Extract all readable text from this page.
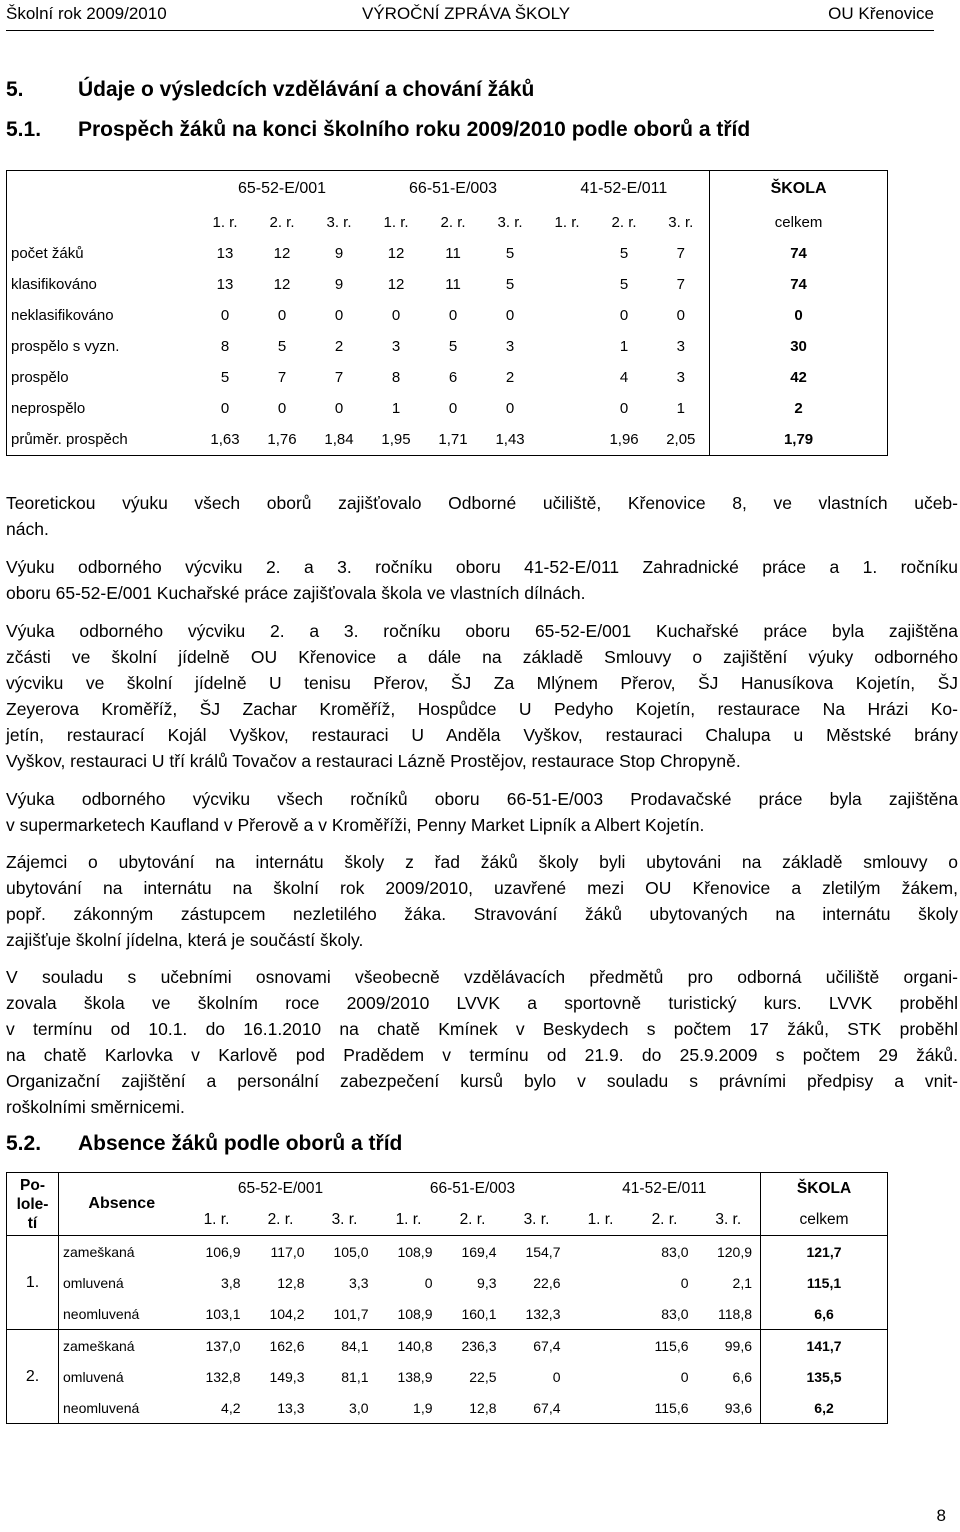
Školní rok 2009/2010	VÝROČNÍ ZPRÁVA ŠKOLY	OU Křenovice
5.	Údaje o výsledcích vzdělávání a chování žáků
5.1. Prospěch žáků na konci školního roku 2009/2010 podle oborů a tříd
	65-52-E/001			66-51-E/003			41-52-E/011			ŠKOLA
	1. r.	2. r.	3. r.	1. r.	2. r.	3. r.	1. r.	2. r.	3. r.	celkem
počet žáků	13	12	9	12	11	5		5	7	74
klasifikováno	13	12	9	12	11	5		5	7	74
neklasifikováno	0	0	0	0	0	0		0	0	0
prospělo s vyzn.	8	5	2	3	5	3		1	3	30
prospělo	5	7	7	8	6	2		4	3	42
neprospělo	0	0	0	1	0	0		0	1	2
průměr. prospěch	1,63	1,76	1,84	1,95	1,71	1,43		1,96	2,05	1,79
Teoretickou výuku všech oborů zajišťovalo Odborné učiliště, Křenovice 8, ve vlastních učeb-
nách.
Výuku odborného výcviku 2. a 3. ročníku oboru 41-52-E/011 Zahradnické práce a 1. ročníku
oboru 65-52-E/001 Kuchařské práce zajišťovala škola ve vlastních dílnách.
Výuka odborného výcviku 2. a 3. ročníku oboru 65-52-E/001 Kuchařské práce byla zajištěna
zčásti ve školní jídelně OU Křenovice a dále na základě Smlouvy o zajištění výuky odborného
výcviku ve školní jídelně U tenisu Přerov, ŠJ Za Mlýnem Přerov, ŠJ Hanusíkova Kojetín, ŠJ
Zeyerova Kroměříž, ŠJ Zachar Kroměříž, Hospůdce U Pedyho Kojetín, restaurace Na Hrázi Ko-
jetín, restaurací Kojál Vyškov, restauraci U Anděla Vyškov, restauraci Chalupa u Městské brány
Vyškov, restauraci U tří králů Tovačov a restauraci Lázně Prostějov, restaurace Stop Chropyně.
Výuka odborného výcviku všech ročníků oboru 66-51-E/003 Prodavačské práce byla zajištěna
v supermarketech Kaufland v Přerově a v Kroměříži, Penny Market Lipník a Albert Kojetín.
Zájemci o ubytování na internátu školy z řad žáků školy byli ubytováni na základě smlouvy o
ubytování na internátu na školní rok 2009/2010, uzavřené mezi OU Křenovice a zletilým žákem,
popř. zákonným zástupcem nezletilého žáka. Stravování žáků ubytovaných na internátu školy
zajišťuje školní jídelna, která je součástí školy.
V souladu s učebními osnovami všeobecně vzdělávacích předmětů pro odborná učiliště organi-
zovala škola ve školním roce 2009/2010 LVVK a sportovně turistický kurs. LVVK proběhl
v termínu od 10.1. do 16.1.2010 na chatě Kmínek v Beskydech s počtem 17 žáků, STK proběhl
na chatě Karlovka v Karlově pod Pradědem v termínu od 21.9. do 25.9.2009 s počtem 29 žáků.
Organizační zajištění a personální zabezpečení kursů bylo v souladu s právními předpisy a vnit-
roškolními směrnicemi.
5.2. Absence žáků podle oborů a tříd
Po-
lole-
tí	Absence	65-52-E/001			66-51-E/003			41-52-E/011			ŠKOLA
		1. r.	2. r.	3. r.	1. r.	2. r.	3. r.	1. r.	2. r.	3. r.	celkem
1.	zameškaná	106,9	117,0	105,0	108,9	169,4	154,7		83,0	120,9	121,7
	omluvená	3,8	12,8	3,3	0	9,3	22,6		0	2,1	115,1
	neomluvená	103,1	104,2	101,7	108,9	160,1	132,3		83,0	118,8	6,6
2.	zameškaná	137,0	162,6	84,1	140,8	236,3	67,4		115,6	99,6	141,7
	omluvená	132,8	149,3	81,1	138,9	22,5	0		0	6,6	135,5
	neomluvená	4,2	13,3	3,0	1,9	12,8	67,4		115,6	93,6	6,2
8
